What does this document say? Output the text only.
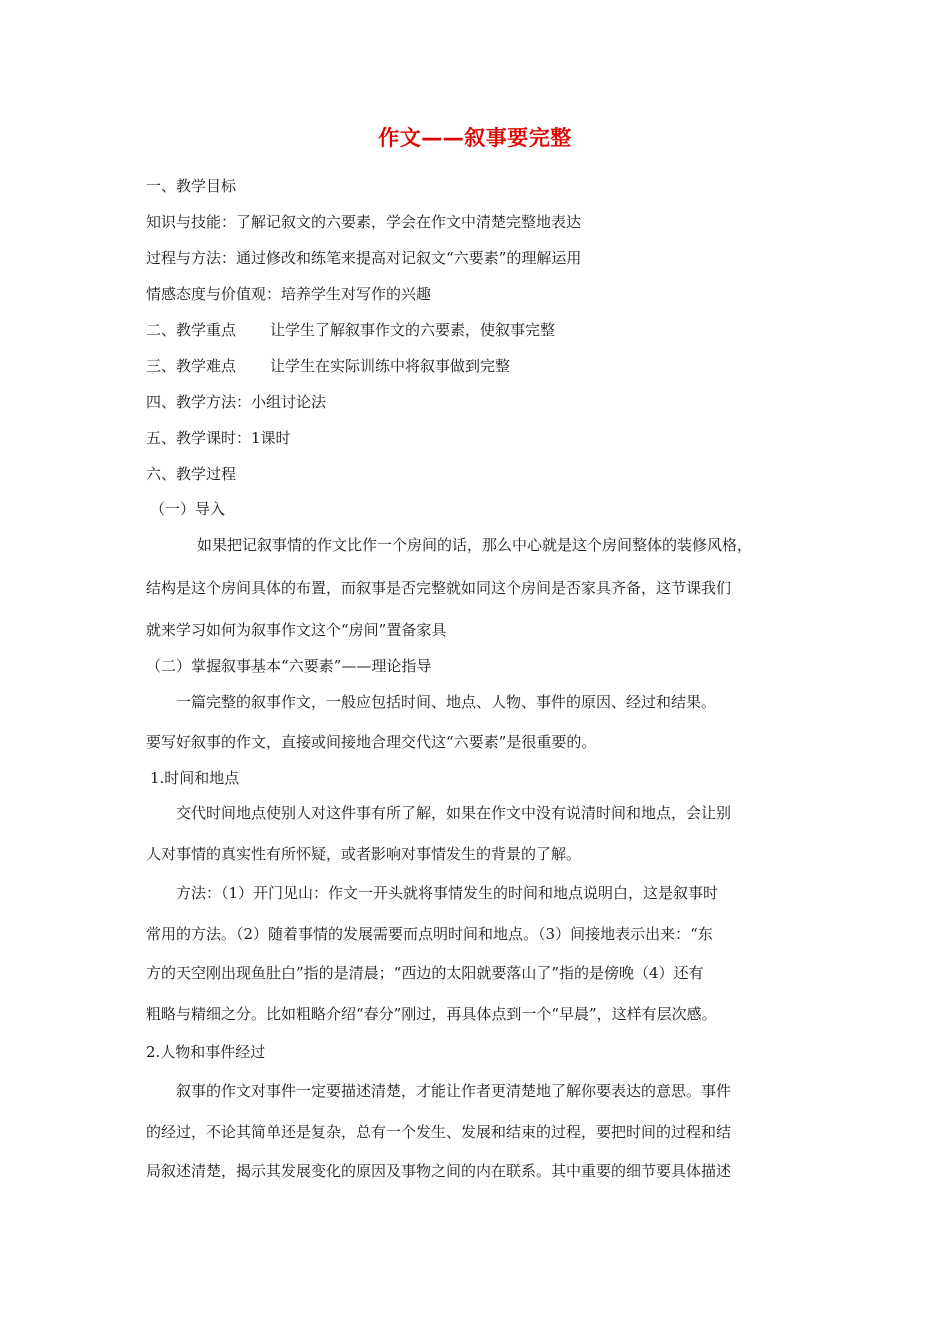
作文——叙事要完整
一、教学目标
知识与技能：了解记叙文的六要素，学会在作文中清楚完整地表达
过程与方法：通过修改和练笔来提高对记叙文“六要素”的理解运用
情感态度与价值观：培养学生对写作的兴趣
二、教学重点 让学生了解叙事作文的六要素，使叙事完整
三、教学难点 让学生在实际训练中将叙事做到完整
四、教学方法：小组讨论法
五、教学课时：1课时
六、教学过程
（一）导入
如果把记叙事情的作文比作一个房间的话，那么中心就是这个房间整体的装修风格，
结构是这个房间具体的布置，而叙事是否完整就如同这个房间是否家具齐备，这节课我们
就来学习如何为叙事作文这个“房间”置备家具
（二）掌握叙事基本“六要素”——理论指导
一篇完整的叙事作文，一般应包括时间、地点、人物、事件的原因、经过和结果。
要写好叙事的作文，直接或间接地合理交代这“六要素”是很重要的。
1.时间和地点
交代时间地点使别人对这件事有所了解，如果在作文中没有说清时间和地点，会让别
人对事情的真实性有所怀疑，或者影响对事情发生的背景的了解。
方法：（1）开门见山：作文一开头就将事情发生的时间和地点说明白，这是叙事时
常用的方法。（2）随着事情的发展需要而点明时间和地点。（3）间接地表示出来：“东
方的天空刚出现鱼肚白”指的是清晨；“西边的太阳就要落山了”指的是傍晚（4）还有
粗略与精细之分。比如粗略介绍“春分”刚过，再具体点到一个“早晨”，这样有层次感。
2.人物和事件经过
叙事的作文对事件一定要描述清楚，才能让作者更清楚地了解你要表达的意思。事件
的经过，不论其简单还是复杂，总有一个发生、发展和结束的过程，要把时间的过程和结
局叙述清楚，揭示其发展变化的原因及事物之间的内在联系。其中重要的细节要具体描述
